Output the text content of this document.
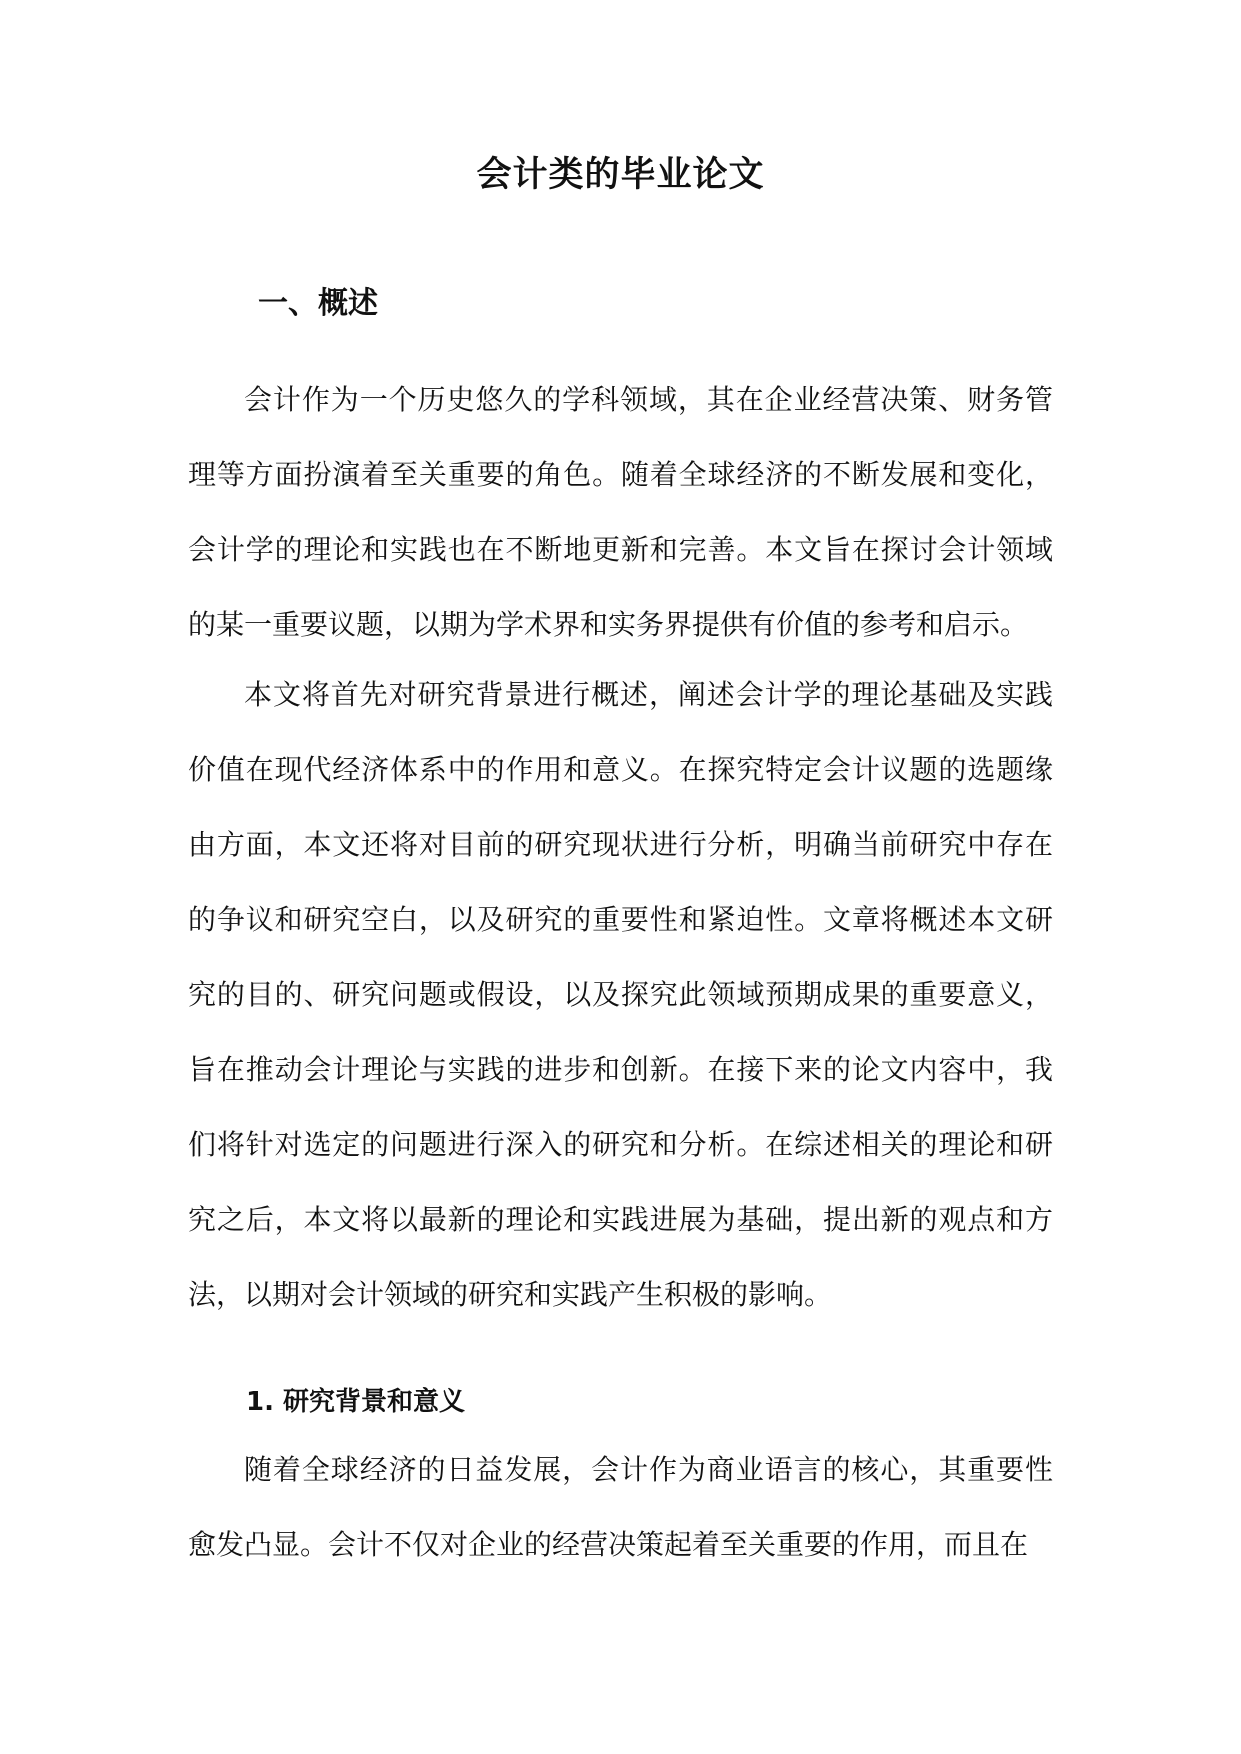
会计类的毕业论文
一、概述

会计作为一个历史悠久的学科领域，其在企业经营决策、财务管理等方面扮演着至关重要的角色。随着全球经济的不断发展和变化，会计学的理论和实践也在不断地更新和完善。本文旨在探讨会计领域的某一重要议题，以期为学术界和实务界提供有价值的参考和启示。

本文将首先对研究背景进行概述，阐述会计学的理论基础及实践价值在现代经济体系中的作用和意义。在探究特定会计议题的选题缘由方面，本文还将对目前的研究现状进行分析，明确当前研究中存在的争议和研究空白，以及研究的重要性和紧迫性。文章将概述本文研究的目的、研究问题或假设，以及探究此领域预期成果的重要意义，旨在推动会计理论与实践的进步和创新。在接下来的论文内容中，我们将针对选定的问题进行深入的研究和分析。在综述相关的理论和研究之后，本文将以最新的理论和实践进展为基础，提出新的观点和方法，以期对会计领域的研究和实践产生积极的影响。

1. 研究背景和意义

随着全球经济的日益发展，会计作为商业语言的核心，其重要性愈发凸显。会计不仅对企业的经营决策起着至关重要的作用，而且在
